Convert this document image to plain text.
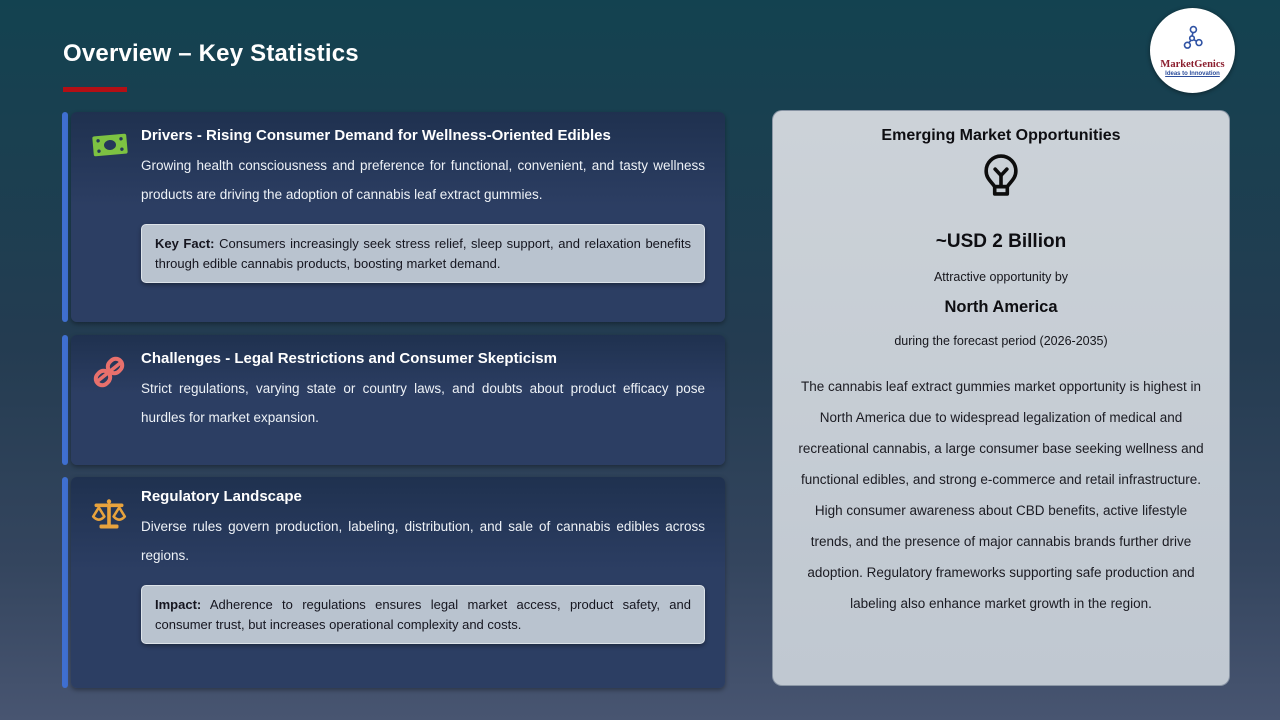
Overview – Key Statistics	MarketGenics
Ideas to Innovation
Drivers - Rising Consumer Demand for Wellness-Oriented Edibles
Growing health consciousness and preference for functional, convenient, and tasty wellness products are driving the adoption of cannabis leaf extract gummies.
Key Fact: Consumers increasingly seek stress relief, sleep support, and relaxation benefits through edible cannabis products, boosting market demand.
Challenges - Legal Restrictions and Consumer Skepticism
Strict regulations, varying state or country laws, and doubts about product efficacy pose hurdles for market expansion.
Regulatory Landscape
Diverse rules govern production, labeling, distribution, and sale of cannabis edibles across regions.
Impact: Adherence to regulations ensures legal market access, product safety, and consumer trust, but increases operational complexity and costs.
Emerging Market Opportunities
~USD 2 Billion
Attractive opportunity by
North America
during the forecast period (2026-2035)
The cannabis leaf extract gummies market opportunity is highest in North America due to widespread legalization of medical and recreational cannabis, a large consumer base seeking wellness and functional edibles, and strong e-commerce and retail infrastructure. High consumer awareness about CBD benefits, active lifestyle trends, and the presence of major cannabis brands further drive adoption. Regulatory frameworks supporting safe production and labeling also enhance market growth in the region.
